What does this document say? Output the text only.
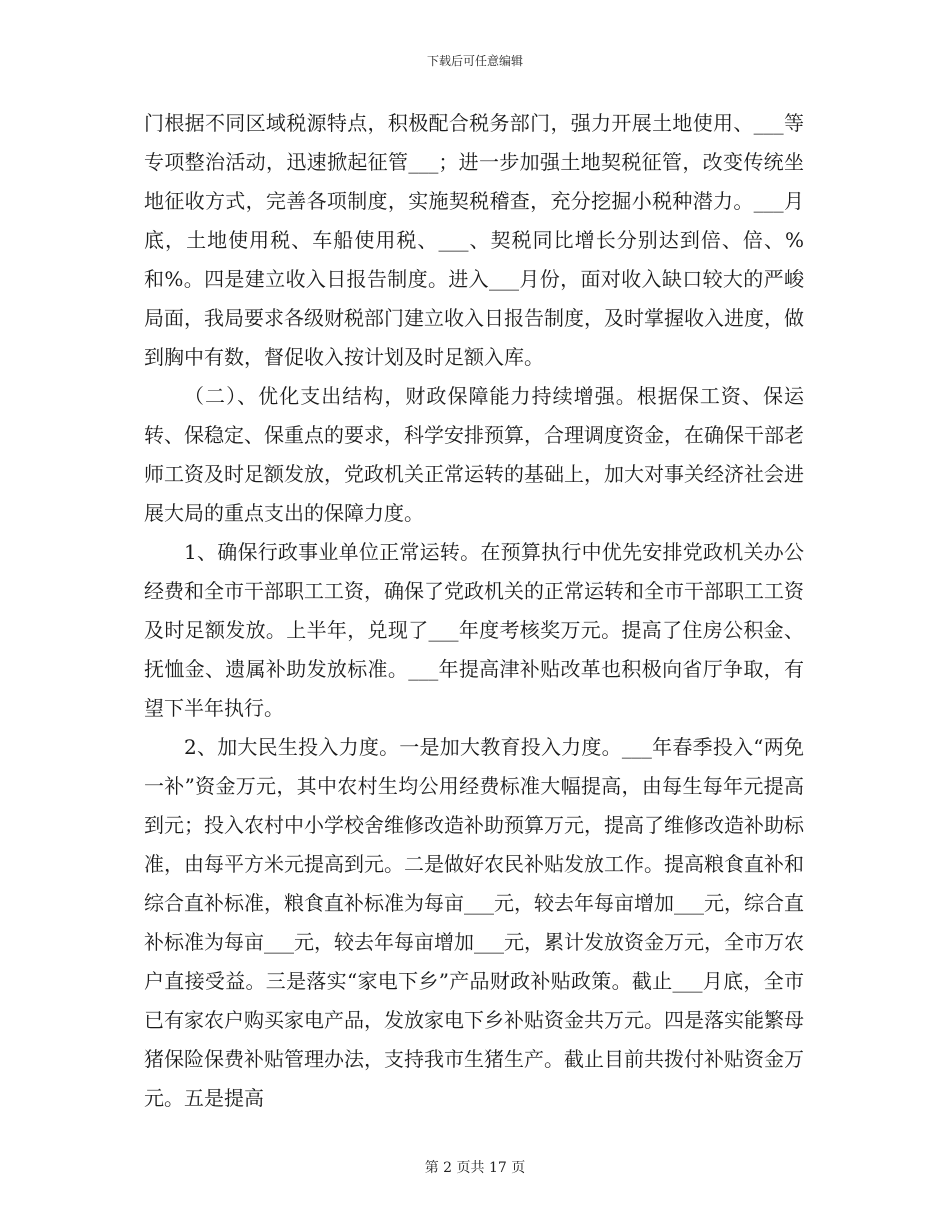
下载后可任意编辑

门根据不同区域税源特点，积极配合税务部门，强力开展土地使用、___等专项整治活动，迅速掀起征管___；进一步加强土地契税征管，改变传统坐地征收方式，完善各项制度，实施契税稽查，充分挖掘小税种潜力。___月底，土地使用税、车船使用税、___、契税同比增长分别达到倍、倍、%和%。四是建立收入日报告制度。进入___月份，面对收入缺口较大的严峻局面，我局要求各级财税部门建立收入日报告制度，及时掌握收入进度，做到胸中有数，督促收入按计划及时足额入库。

（二）、优化支出结构，财政保障能力持续增强。根据保工资、保运转、保稳定、保重点的要求，科学安排预算，合理调度资金，在确保干部老师工资及时足额发放，党政机关正常运转的基础上，加大对事关经济社会进展大局的重点支出的保障力度。

1、确保行政事业单位正常运转。在预算执行中优先安排党政机关办公经费和全市干部职工工资，确保了党政机关的正常运转和全市干部职工工资及时足额发放。上半年，兑现了___年度考核奖万元。提高了住房公积金、抚恤金、遗属补助发放标准。___年提高津补贴改革也积极向省厅争取，有望下半年执行。

2、加大民生投入力度。一是加大教育投入力度。___年春季投入“两免一补”资金万元，其中农村生均公用经费标准大幅提高，由每生每年元提高到元；投入农村中小学校舍维修改造补助预算万元，提高了维修改造补助标准，由每平方米元提高到元。二是做好农民补贴发放工作。提高粮食直补和综合直补标准，粮食直补标准为每亩___元，较去年每亩增加___元，综合直补标准为每亩___元，较去年每亩增加___元，累计发放资金万元，全市万农户直接受益。三是落实“家电下乡”产品财政补贴政策。截止___月底，全市已有家农户购买家电产品，发放家电下乡补贴资金共万元。四是落实能繁母猪保险保费补贴管理办法，支持我市生猪生产。截止目前共拨付补贴资金万元。五是提高

第 2 页共 17 页
